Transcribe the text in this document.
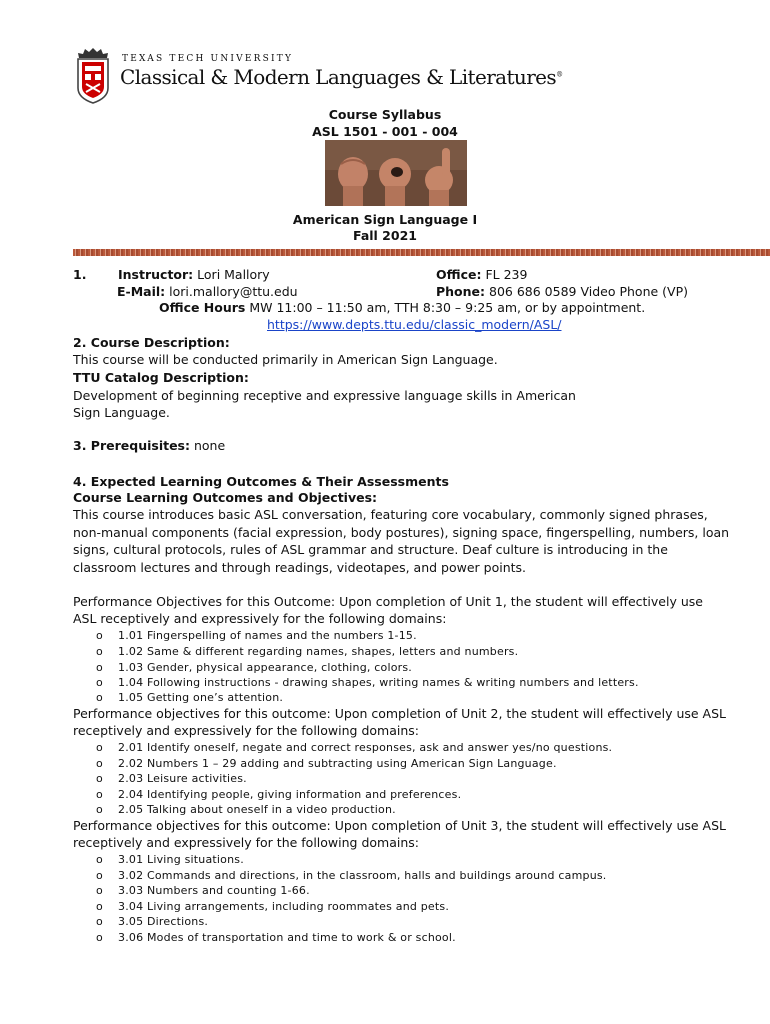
TEXAS TECH UNIVERSITY
Classical & Modern Languages & Literatures®
Course Syllabus
ASL 1501 - 001 - 004
American Sign Language I
Fall 2021
1.	Instructor: Lori Mallory	Office: FL 239
E-Mail: lori.mallory@ttu.edu	Phone: 806 686 0589 Video Phone (VP)
Office Hours MW 11:00 – 11:50 am, TTH 8:30 – 9:25 am, or by appointment.
https://www.depts.ttu.edu/classic_modern/ASL/
2. Course Description:
This course will be conducted primarily in American Sign Language.
TTU Catalog Description:
Development of beginning receptive and expressive language skills in American
Sign Language.
3. Prerequisites: none
4. Expected Learning Outcomes & Their Assessments
Course Learning Outcomes and Objectives:
This course introduces basic ASL conversation, featuring core vocabulary, commonly signed phrases,
non-manual components (facial expression, body postures), signing space, fingerspelling, numbers, loan
signs, cultural protocols, rules of ASL grammar and structure. Deaf culture is introducing in the
classroom lectures and through readings, videotapes, and power points.
Performance Objectives for this Outcome: Upon completion of Unit 1, the student will effectively use
ASL receptively and expressively for the following domains:
o 1.01 Fingerspelling of names and the numbers 1-15.
o 1.02 Same & different regarding names, shapes, letters and numbers.
o 1.03 Gender, physical appearance, clothing, colors.
o 1.04 Following instructions - drawing shapes, writing names & writing numbers and letters.
o 1.05 Getting one’s attention.
Performance objectives for this outcome: Upon completion of Unit 2, the student will effectively use ASL
receptively and expressively for the following domains:
o 2.01 Identify oneself, negate and correct responses, ask and answer yes/no questions.
o 2.02 Numbers 1 – 29 adding and subtracting using American Sign Language.
o 2.03 Leisure activities.
o 2.04 Identifying people, giving information and preferences.
o 2.05 Talking about oneself in a video production.
Performance objectives for this outcome: Upon completion of Unit 3, the student will effectively use ASL
receptively and expressively for the following domains:
o 3.01 Living situations.
o 3.02 Commands and directions, in the classroom, halls and buildings around campus.
o 3.03 Numbers and counting 1-66.
o 3.04 Living arrangements, including roommates and pets.
o 3.05 Directions.
o 3.06 Modes of transportation and time to work & or school.
